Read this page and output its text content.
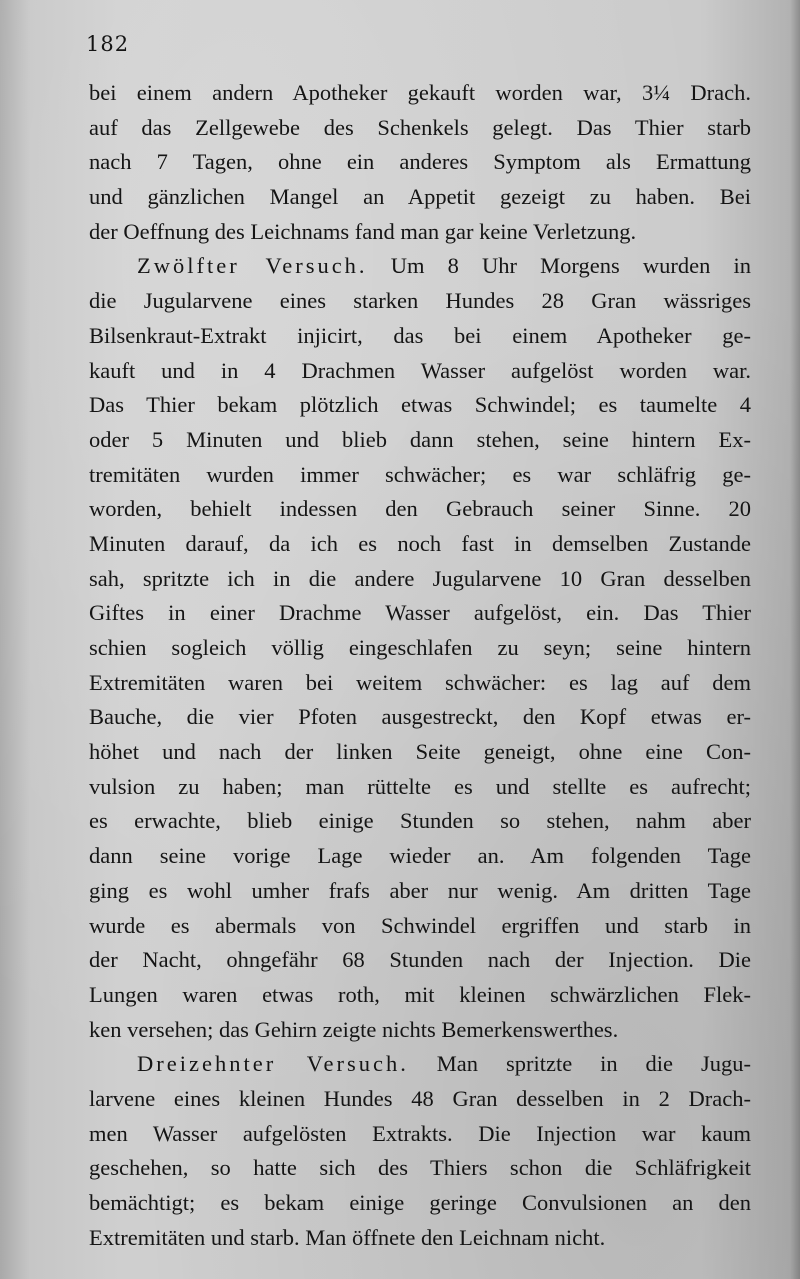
182
bei einem andern Apotheker gekauft worden war, 3¼ Drach.
auf das Zellgewebe des Schenkels gelegt. Das Thier starb
nach 7 Tagen, ohne ein anderes Symptom als Ermattung
und gänzlichen Mangel an Appetit gezeigt zu haben. Bei
der Oeffnung des Leichnams fand man gar keine Verletzung.
Zwölfter Versuch. Um 8 Uhr Morgens wurden in
die Jugularvene eines starken Hundes 28 Gran wässriges
Bilsenkraut-Extrakt injicirt, das bei einem Apotheker ge-
kauft und in 4 Drachmen Wasser aufgelöst worden war.
Das Thier bekam plötzlich etwas Schwindel; es taumelte 4
oder 5 Minuten und blieb dann stehen, seine hintern Ex-
tremitäten wurden immer schwächer; es war schläfrig ge-
worden, behielt indessen den Gebrauch seiner Sinne. 20
Minuten darauf, da ich es noch fast in demselben Zustande
sah, spritzte ich in die andere Jugularvene 10 Gran desselben
Giftes in einer Drachme Wasser aufgelöst, ein. Das Thier
schien sogleich völlig eingeschlafen zu seyn; seine hintern
Extremitäten waren bei weitem schwächer: es lag auf dem
Bauche, die vier Pfoten ausgestreckt, den Kopf etwas er-
höhet und nach der linken Seite geneigt, ohne eine Con-
vulsion zu haben; man rüttelte es und stellte es aufrecht;
es erwachte, blieb einige Stunden so stehen, nahm aber
dann seine vorige Lage wieder an. Am folgenden Tage
ging es wohl umher frafs aber nur wenig. Am dritten Tage
wurde es abermals von Schwindel ergriffen und starb in
der Nacht, ohngefähr 68 Stunden nach der Injection. Die
Lungen waren etwas roth, mit kleinen schwärzlichen Flek-
ken versehen; das Gehirn zeigte nichts Bemerkenswerthes.
Dreizehnter Versuch. Man spritzte in die Jugu-
larvene eines kleinen Hundes 48 Gran desselben in 2 Drach-
men Wasser aufgelösten Extrakts. Die Injection war kaum
geschehen, so hatte sich des Thiers schon die Schläfrigkeit
bemächtigt; es bekam einige geringe Convulsionen an den
Extremitäten und starb. Man öffnete den Leichnam nicht.
